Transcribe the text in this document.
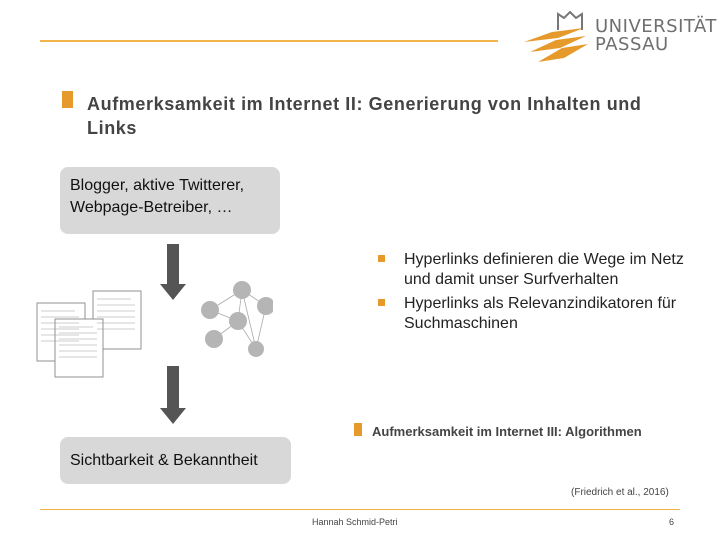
UNIVERSITÄT
PASSAU
Aufmerksamkeit im Internet II: Generierung von Inhalten und Links
Blogger, aktive Twitterer, Webpage-Betreiber, …
Sichtbarkeit & Bekanntheit
Hyperlinks definieren die Wege im Netz und damit unser Surfverhalten
Hyperlinks als Relevanzindikatoren für Suchmaschinen
Aufmerksamkeit im Internet III: Algorithmen
(Friedrich et al., 2016)
Hannah Schmid-Petri	6
